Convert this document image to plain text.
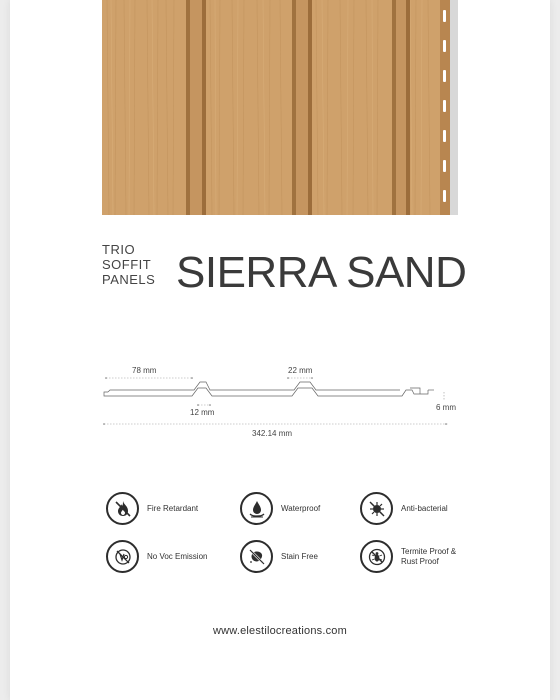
TRIO
SOFFIT
PANELS SIERRA SAND
78 mm	22 mm
12 mm
6 mm
342.14 mm
Fire Retardant	Waterproof	Anti-bacterial
No Voc Emission	Stain Free
Termite Proof &
Rust Proof
www.elestilocreations.com
